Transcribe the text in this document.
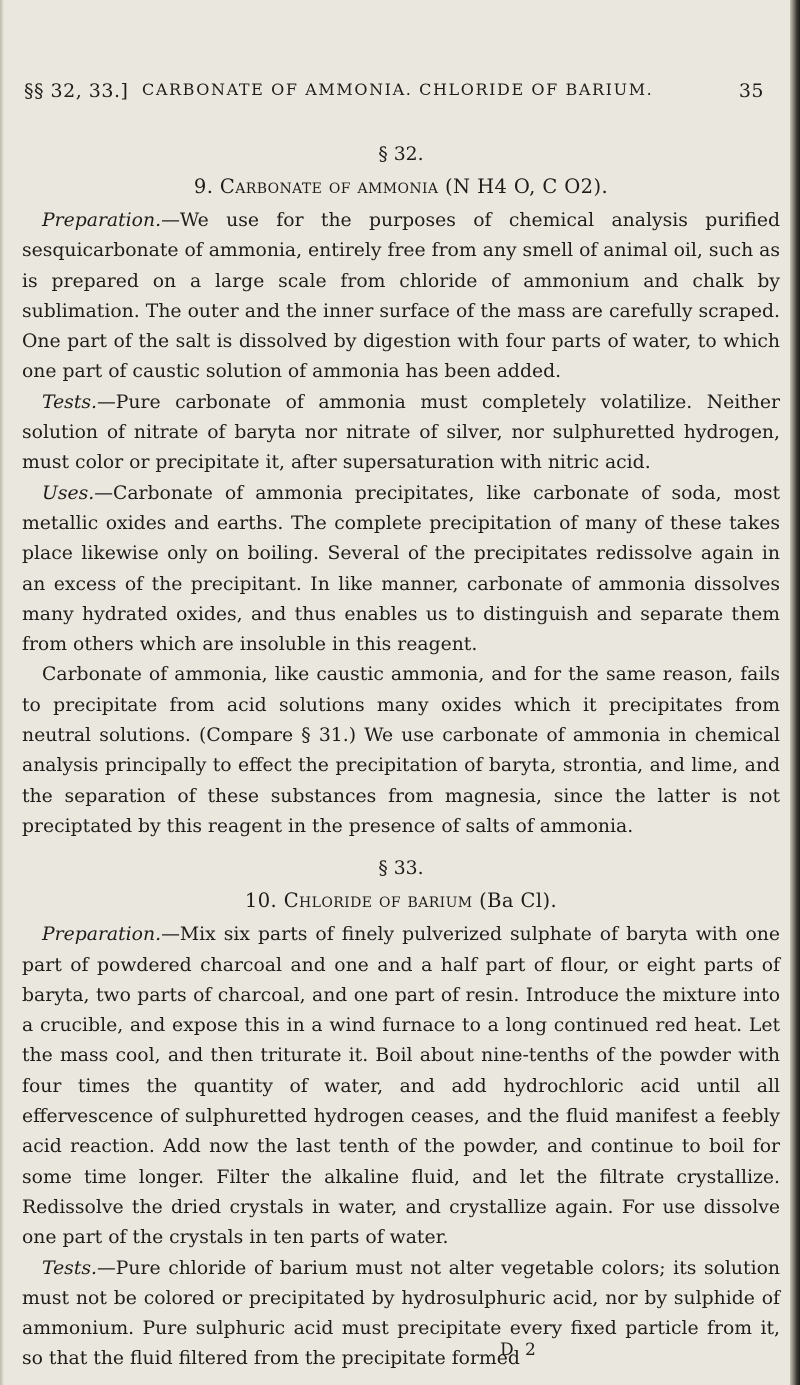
§§ 32, 33.] CARBONATE OF AMMONIA. CHLORIDE OF BARIUM.	35
§ 32.
9. Carbonate of ammonia (N H4 O, C O2).

Preparation.—We use for the purposes of chemical analysis purified sesquicarbonate of ammonia, entirely free from any smell of animal oil, such as is prepared on a large scale from chloride of ammonium and chalk by sublimation. The outer and the inner surface of the mass are carefully scraped. One part of the salt is dissolved by digestion with four parts of water, to which one part of caustic solution of ammonia has been added.

Tests.—Pure carbonate of ammonia must completely volatilize. Neither solution of nitrate of baryta nor nitrate of silver, nor sulphuretted hydrogen, must color or precipitate it, after supersaturation with nitric acid.

Uses.—Carbonate of ammonia precipitates, like carbonate of soda, most metallic oxides and earths. The complete precipitation of many of these takes place likewise only on boiling. Several of the precipitates redissolve again in an excess of the precipitant. In like manner, carbonate of ammonia dissolves many hydrated oxides, and thus enables us to distinguish and separate them from others which are insoluble in this reagent.

Carbonate of ammonia, like caustic ammonia, and for the same reason, fails to precipitate from acid solutions many oxides which it precipitates from neutral solutions. (Compare § 31.) We use carbonate of ammonia in chemical analysis principally to effect the precipitation of baryta, strontia, and lime, and the separation of these substances from magnesia, since the latter is not preciptated by this reagent in the presence of salts of ammonia.

§ 33.
10. Chloride of barium (Ba Cl).

Preparation.—Mix six parts of finely pulverized sulphate of baryta with one part of powdered charcoal and one and a half part of flour, or eight parts of baryta, two parts of charcoal, and one part of resin. Introduce the mixture into a crucible, and expose this in a wind furnace to a long continued red heat. Let the mass cool, and then triturate it. Boil about nine-tenths of the powder with four times the quantity of water, and add hydrochloric acid until all effervescence of sulphuretted hydrogen ceases, and the fluid manifest a feebly acid reaction. Add now the last tenth of the powder, and continue to boil for some time longer. Filter the alkaline fluid, and let the filtrate crystallize. Redissolve the dried crystals in water, and crystallize again. For use dissolve one part of the crystals in ten parts of water.

Tests.—Pure chloride of barium must not alter vegetable colors; its solution must not be colored or precipitated by hydrosulphuric acid, nor by sulphide of ammonium. Pure sulphuric acid must precipitate every fixed particle from it, so that the fluid filtered from the precipitate formed

D 2
